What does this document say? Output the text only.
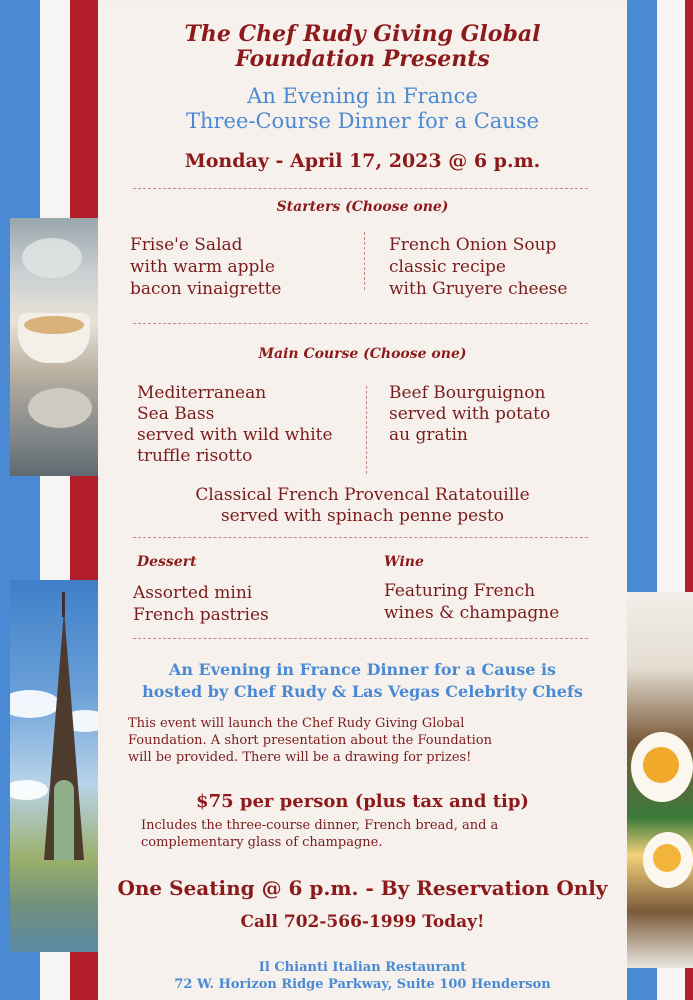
The Chef Rudy Giving Global
Foundation Presents
An Evening in France
Three-Course Dinner for a Cause
Monday - April 17, 2023 @ 6 p.m.
Starters (Choose one)
Frise'e Salad
with warm apple
bacon vinaigrette
French Onion Soup
classic recipe
with Gruyere cheese
Main Course (Choose one)
Mediterranean
Sea Bass
served with wild white
truffle risotto
Beef Bourguignon
served with potato
au gratin
Classical French Provencal Ratatouille
served with spinach penne pesto
Dessert
Assorted mini
French pastries
Wine
Featuring French
wines & champagne
An Evening in France Dinner for a Cause is
hosted by Chef Rudy & Las Vegas Celebrity Chefs
This event will launch the Chef Rudy Giving Global
Foundation. A short presentation about the Foundation
will be provided. There will be a drawing for prizes!
$75 per person (plus tax and tip)
Includes the three-course dinner, French bread, and a
complementary glass of champagne.
One Seating @ 6 p.m. - By Reservation Only
Call 702-566-1999 Today!
Il Chianti Italian Restaurant
72 W. Horizon Ridge Parkway, Suite 100 Henderson
